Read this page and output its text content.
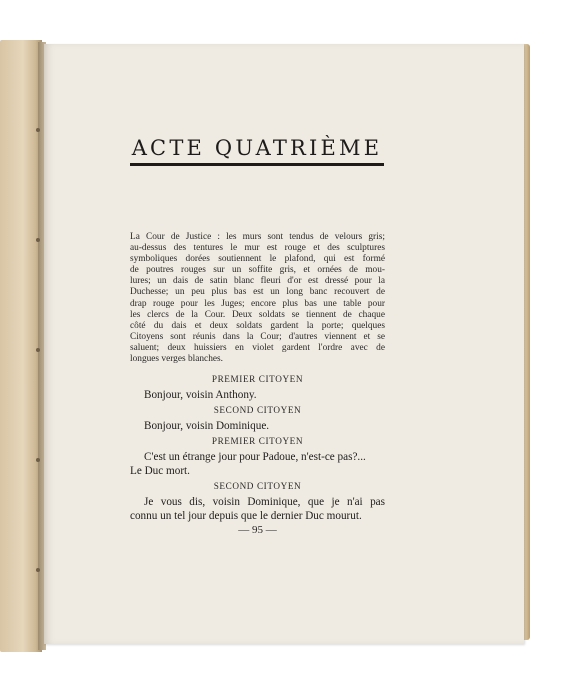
ACTE QUATRIÈME
La Cour de Justice : les murs sont tendus de velours gris;
au-dessus des tentures le mur est rouge et des sculptures
symboliques dorées soutiennent le plafond, qui est formé
de poutres rouges sur un soffite gris, et ornées de mou-
lures; un dais de satin blanc fleuri d'or est dressé pour la
Duchesse; un peu plus bas est un long banc recouvert de
drap rouge pour les Juges; encore plus bas une table pour
les clercs de la Cour. Deux soldats se tiennent de chaque
côté du dais et deux soldats gardent la porte; quelques
Citoyens sont réunis dans la Cour; d'autres viennent et se
saluent; deux huissiers en violet gardent l'ordre avec de
longues verges blanches.
PREMIER CITOYEN
Bonjour, voisin Anthony.
SECOND CITOYEN
Bonjour, voisin Dominique.
PREMIER CITOYEN
C'est un étrange jour pour Padoue, n'est-ce pas?...
Le Duc mort.
SECOND CITOYEN
Je vous dis, voisin Dominique, que je n'ai pas
connu un tel jour depuis que le dernier Duc mourut.
— 95 —
